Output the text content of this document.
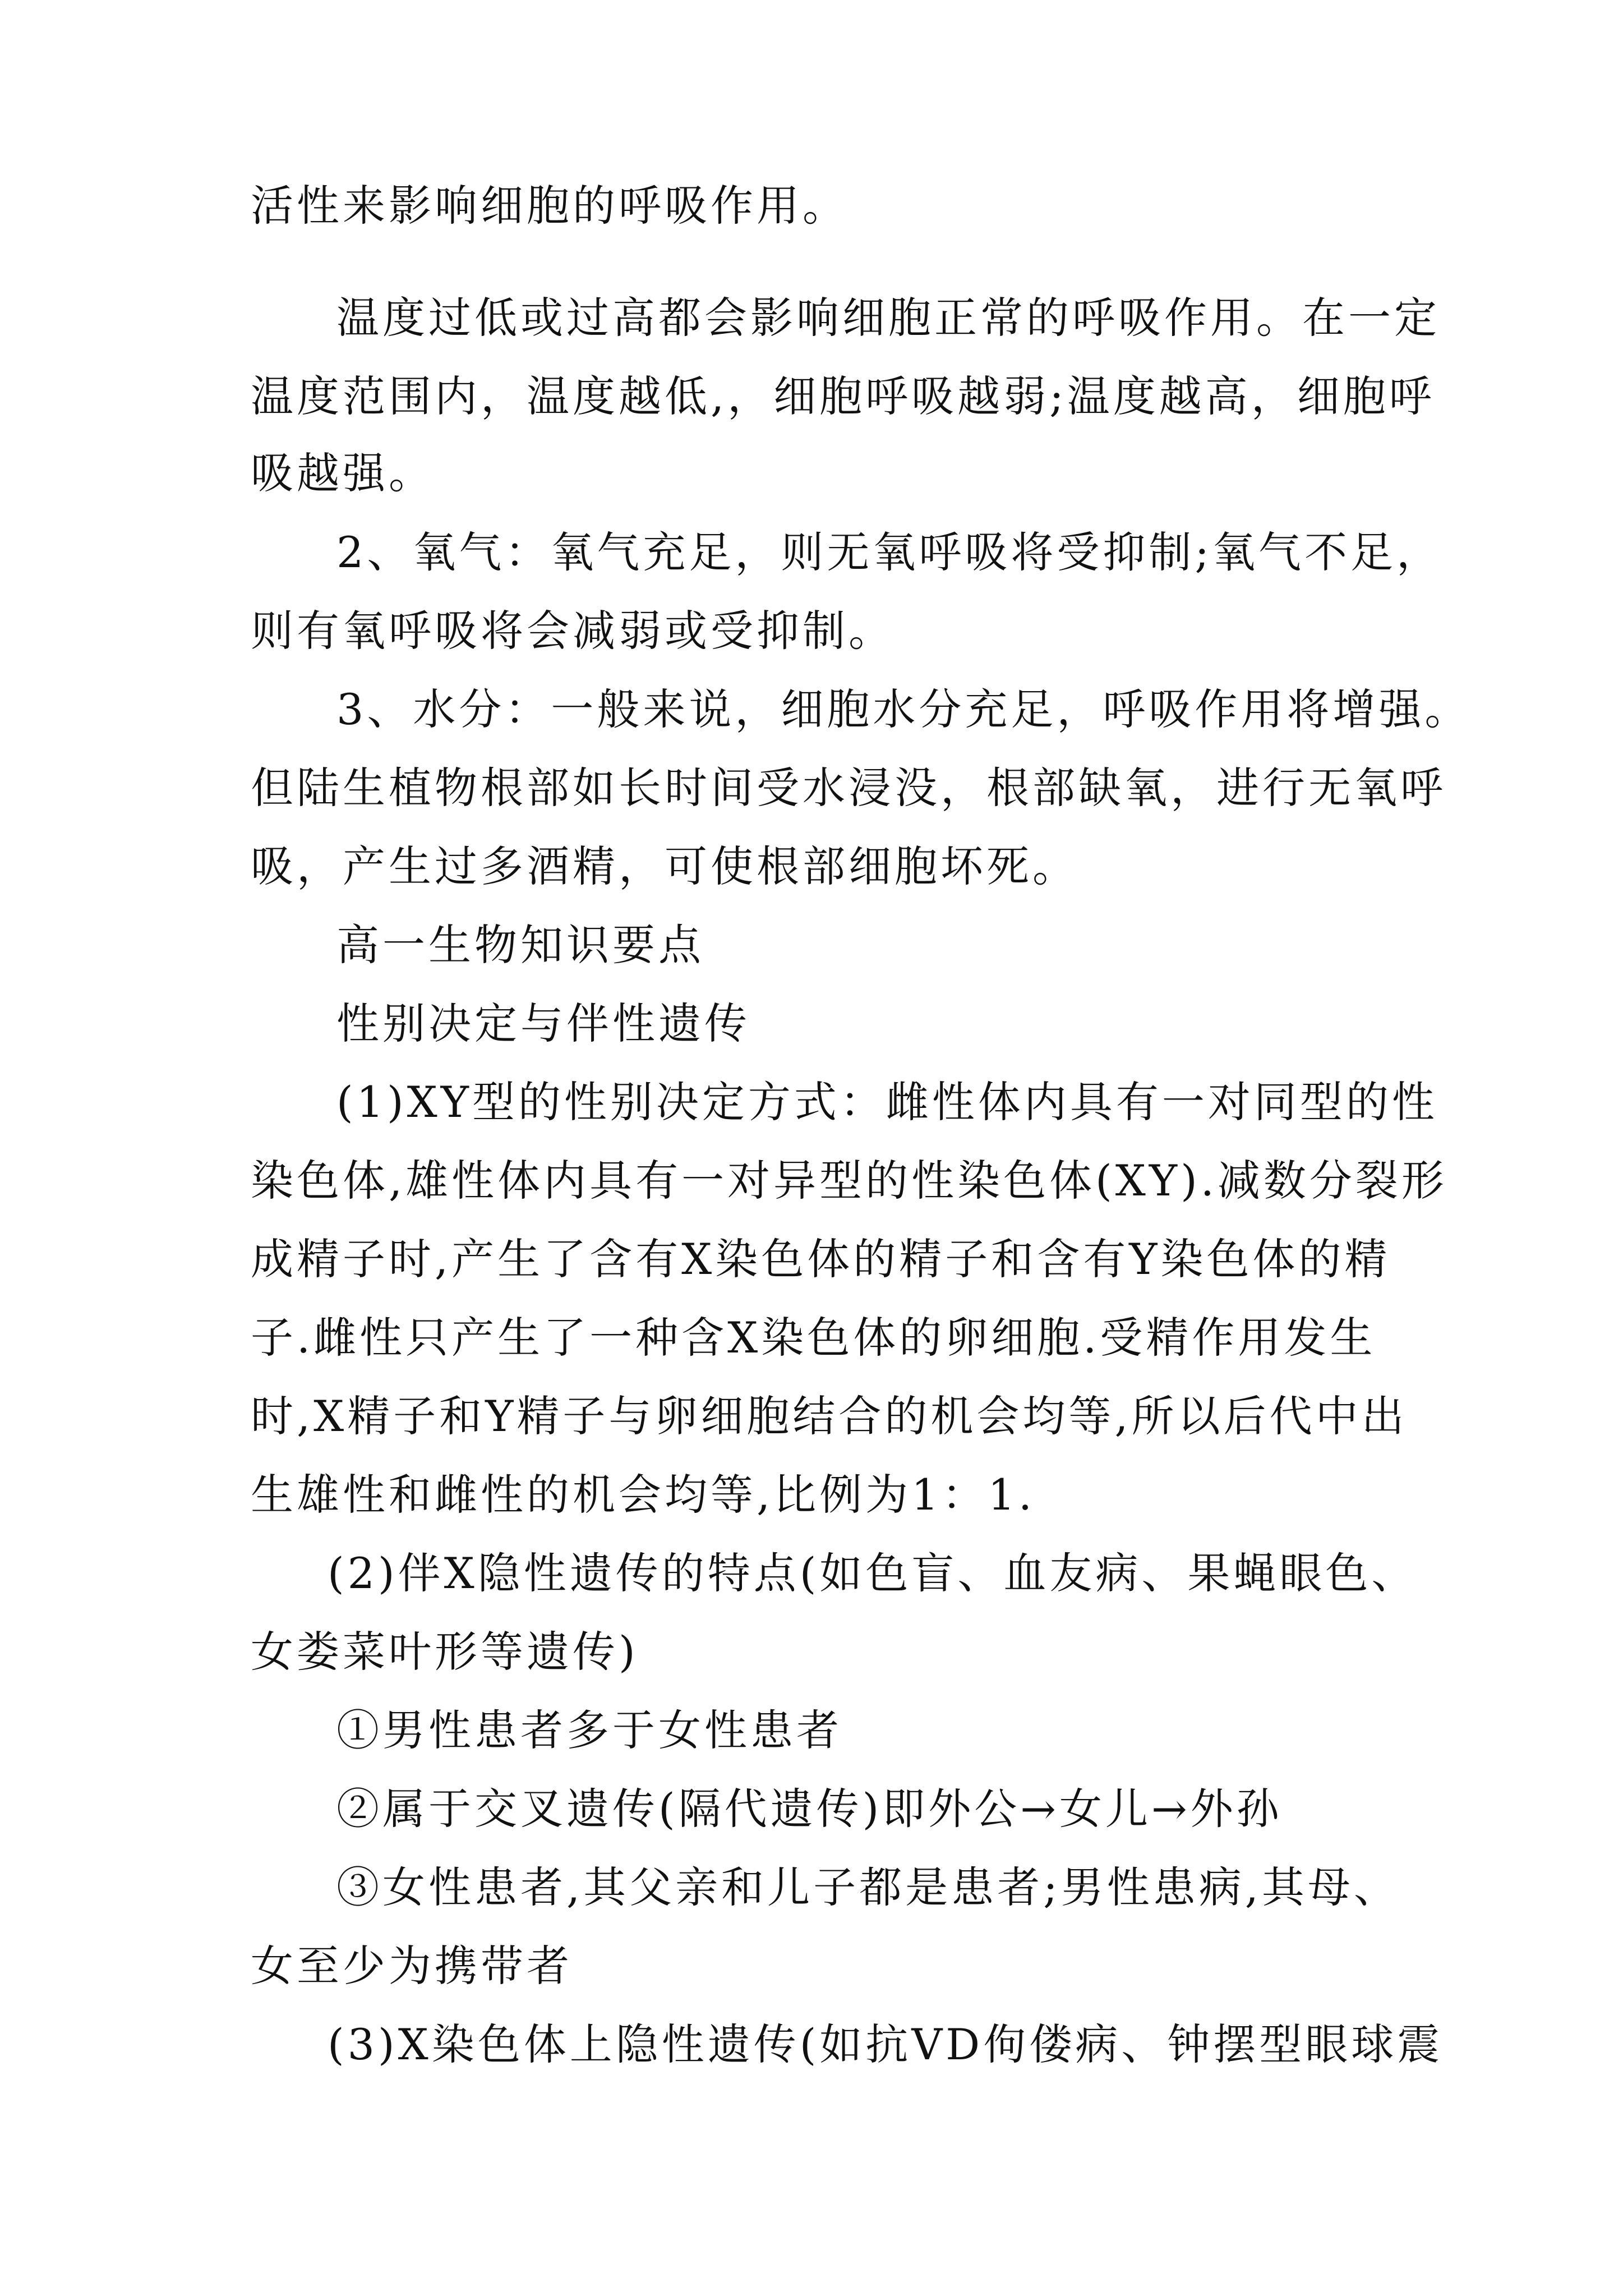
活性来影响细胞的呼吸作用。
温度过低或过高都会影响细胞正常的呼吸作用。在一定
温度范围内，温度越低,，细胞呼吸越弱;温度越高，细胞呼
吸越强。
2、氧气：氧气充足，则无氧呼吸将受抑制;氧气不足，
则有氧呼吸将会减弱或受抑制。
3、水分：一般来说，细胞水分充足，呼吸作用将增强。
但陆生植物根部如长时间受水浸没，根部缺氧，进行无氧呼
吸，产生过多酒精，可使根部细胞坏死。
高一生物知识要点
性别决定与伴性遗传
(1)XY型的性别决定方式：雌性体内具有一对同型的性
染色体,雄性体内具有一对异型的性染色体(XY).减数分裂形
成精子时,产生了含有X染色体的精子和含有Y染色体的精
子.雌性只产生了一种含X染色体的卵细胞.受精作用发生
时,X精子和Y精子与卵细胞结合的机会均等,所以后代中出
生雄性和雌性的机会均等,比例为1：1.
(2)伴X隐性遗传的特点(如色盲、血友病、果蝇眼色、
女娄菜叶形等遗传)
①男性患者多于女性患者
②属于交叉遗传(隔代遗传)即外公→女儿→外孙
③女性患者,其父亲和儿子都是患者;男性患病,其母、
女至少为携带者
(3)X染色体上隐性遗传(如抗VD佝偻病、钟摆型眼球震
